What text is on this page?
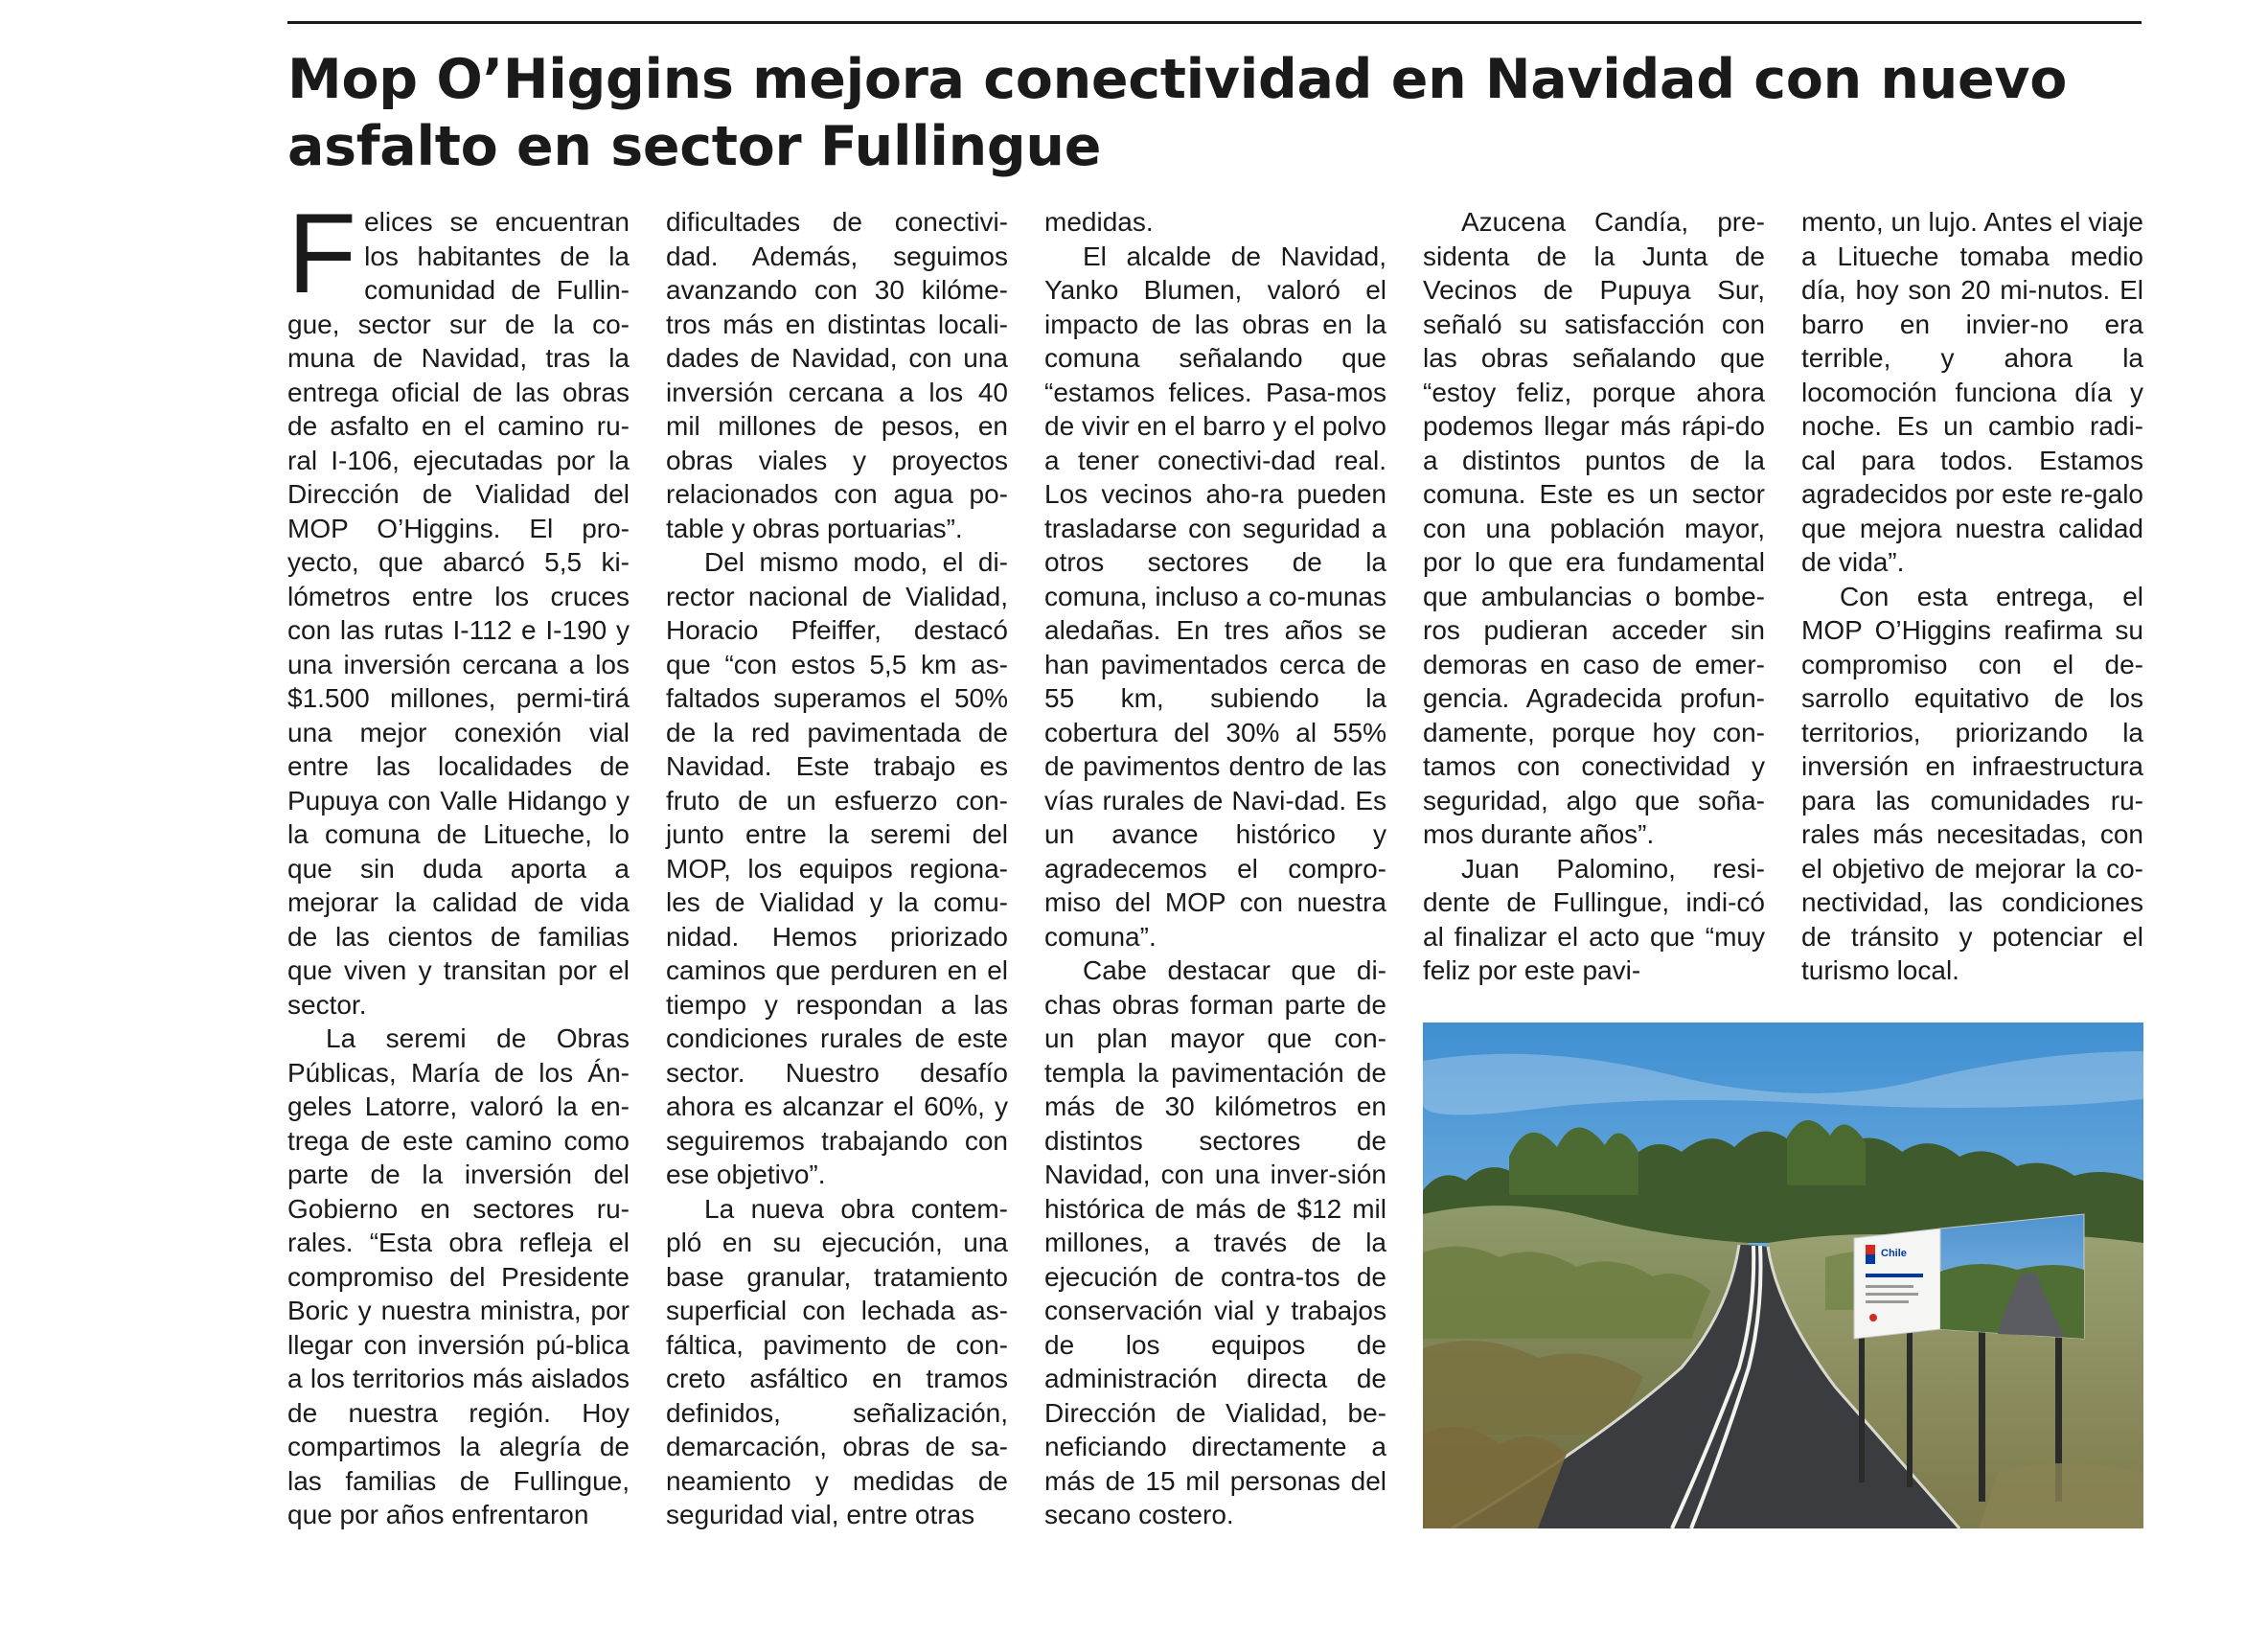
Mop O’Higgins mejora conectividad en Navidad con nuevo asfalto en sector Fullingue

Felices se encuentran los habitantes de la comunidad de Fullin-gue, sector sur de la co-muna de Navidad, tras la entrega oficial de las obras de asfalto en el camino ru-ral I-106, ejecutadas por la Dirección de Vialidad del MOP O’Higgins. El pro-yecto, que abarcó 5,5 ki-lómetros entre los cruces con las rutas I-112 e I-190 y una inversión cercana a los $1.500 millones, permi-tirá una mejor conexión vial entre las localidades de Pupuya con Valle Hidango y la comuna de Litueche, lo que sin duda aporta a mejorar la calidad de vida de las cientos de familias que viven y transitan por el sector.

La seremi de Obras Públicas, María de los Án-geles Latorre, valoró la en-trega de este camino como parte de la inversión del Gobierno en sectores ru-rales. “Esta obra refleja el compromiso del Presidente Boric y nuestra ministra, por llegar con inversión pú-blica a los territorios más aislados de nuestra región. Hoy compartimos la alegría de las familias de Fullingue, que por años enfrentaron

dificultades de conectivi-dad. Además, seguimos avanzando con 30 kilóme-tros más en distintas locali-dades de Navidad, con una inversión cercana a los 40 mil millones de pesos, en obras viales y proyectos relacionados con agua po-table y obras portuarias”.

Del mismo modo, el di-rector nacional de Vialidad, Horacio Pfeiffer, destacó que “con estos 5,5 km as-faltados superamos el 50% de la red pavimentada de Navidad. Este trabajo es fruto de un esfuerzo con-junto entre la seremi del MOP, los equipos regiona-les de Vialidad y la comu-nidad. Hemos priorizado caminos que perduren en el tiempo y respondan a las condiciones rurales de este sector. Nuestro desafío ahora es alcanzar el 60%, y seguiremos trabajando con ese objetivo”.

La nueva obra contem-pló en su ejecución, una base granular, tratamiento superficial con lechada as-fáltica, pavimento de con-creto asfáltico en tramos definidos, señalización, demarcación, obras de sa-neamiento y medidas de seguridad vial, entre otras

medidas.

El alcalde de Navidad, Yanko Blumen, valoró el impacto de las obras en la comuna señalando que “estamos felices. Pasa-mos de vivir en el barro y el polvo a tener conectivi-dad real. Los vecinos aho-ra pueden trasladarse con seguridad a otros sectores de la comuna, incluso a co-munas aledañas. En tres años se han pavimentados cerca de 55 km, subiendo la cobertura del 30% al 55% de pavimentos dentro de las vías rurales de Navi-dad. Es un avance histórico y agradecemos el compro-miso del MOP con nuestra comuna”.

Cabe destacar que di-chas obras forman parte de un plan mayor que con-templa la pavimentación de más de 30 kilómetros en distintos sectores de Navidad, con una inver-sión histórica de más de $12 mil millones, a través de la ejecución de contra-tos de conservación vial y trabajos de los equipos de administración directa de Dirección de Vialidad, be-neficiando directamente a más de 15 mil personas del secano costero.

Azucena Candía, pre-sidenta de la Junta de Vecinos de Pupuya Sur, señaló su satisfacción con las obras señalando que “estoy feliz, porque ahora podemos llegar más rápi-do a distintos puntos de la comuna. Este es un sector con una población mayor, por lo que era fundamental que ambulancias o bombe-ros pudieran acceder sin demoras en caso de emer-gencia. Agradecida profun-damente, porque hoy con-tamos con conectividad y seguridad, algo que soña-mos durante años”.

Juan Palomino, resi-dente de Fullingue, indi-có al finalizar el acto que “muy feliz por este pavi-

mento, un lujo. Antes el viaje a Litueche tomaba medio día, hoy son 20 mi-nutos. El barro en invier-no era terrible, y ahora la locomoción funciona día y noche. Es un cambio radi-cal para todos. Estamos agradecidos por este re-galo que mejora nuestra calidad de vida”.

Con esta entrega, el MOP O’Higgins reafirma su compromiso con el de-sarrollo equitativo de los territorios, priorizando la inversión en infraestructura para las comunidades ru-rales más necesitadas, con el objetivo de mejorar la co-nectividad, las condiciones de tránsito y potenciar el turismo local.

Chile
